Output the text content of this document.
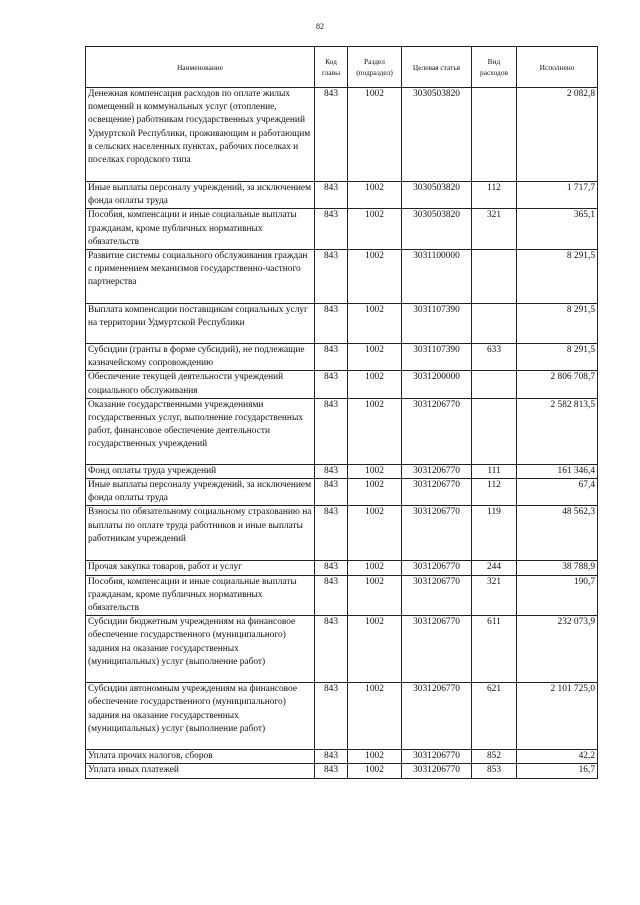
82
Наименование	Код главы	Раздел (подраздел)	Целевая статья	Вид расходов	Исполнено
Денежная компенсация расходов по оплате жилых помещений и коммунальных услуг (отопление, освещение) работникам государственных учреждений Удмуртской Республики, проживающим и работающим в сельских населенных пунктах, рабочих поселках и поселках городского типа	843	1002	3030503820		2 082,8
Иные выплаты персоналу учреждений, за исключением фонда оплаты труда	843	1002	3030503820	112	1 717,7
Пособия, компенсации и иные социальные выплаты гражданам, кроме публичных нормативных обязательств	843	1002	3030503820	321	365,1
Развитие системы социального обслуживания граждан с применением механизмов государственно-частного партнерства	843	1002	3031100000		8 291,5
Выплата компенсации поставщикам социальных услуг на территории Удмуртской Республики	843	1002	3031107390		8 291,5
Субсидии (гранты в форме субсидий), не подлежащие казначейскому сопровождению	843	1002	3031107390	633	8 291,5
Обеспечение текущей деятельности учреждений социального обслуживания	843	1002	3031200000		2 806 708,7
Оказание государственными учреждениями государственных услуг, выполнение государственных работ, финансовое обеспечение деятельности государственных учреждений	843	1002	3031206770		2 582 813,5
Фонд оплаты труда учреждений	843	1002	3031206770	111	161 346,4
Иные выплаты персоналу учреждений, за исключением фонда оплаты труда	843	1002	3031206770	112	67,4
Взносы по обязательному социальному страхованию на выплаты по оплате труда работников и иные выплаты работникам учреждений	843	1002	3031206770	119	48 562,3
Прочая закупка товаров, работ и услуг	843	1002	3031206770	244	38 788,9
Пособия, компенсации и иные социальные выплаты гражданам, кроме публичных нормативных обязательств	843	1002	3031206770	321	190,7
Субсидии бюджетным учреждениям на финансовое обеспечение государственного (муниципального) задания на оказание государственных (муниципальных) услуг (выполнение работ)	843	1002	3031206770	611	232 073,9
Субсидии автономным учреждениям на финансовое обеспечение государственного (муниципального) задания на оказание государственных (муниципальных) услуг (выполнение работ)	843	1002	3031206770	621	2 101 725,0
Уплата прочих налогов, сборов	843	1002	3031206770	852	42,2
Уплата иных платежей	843	1002	3031206770	853	16,7
